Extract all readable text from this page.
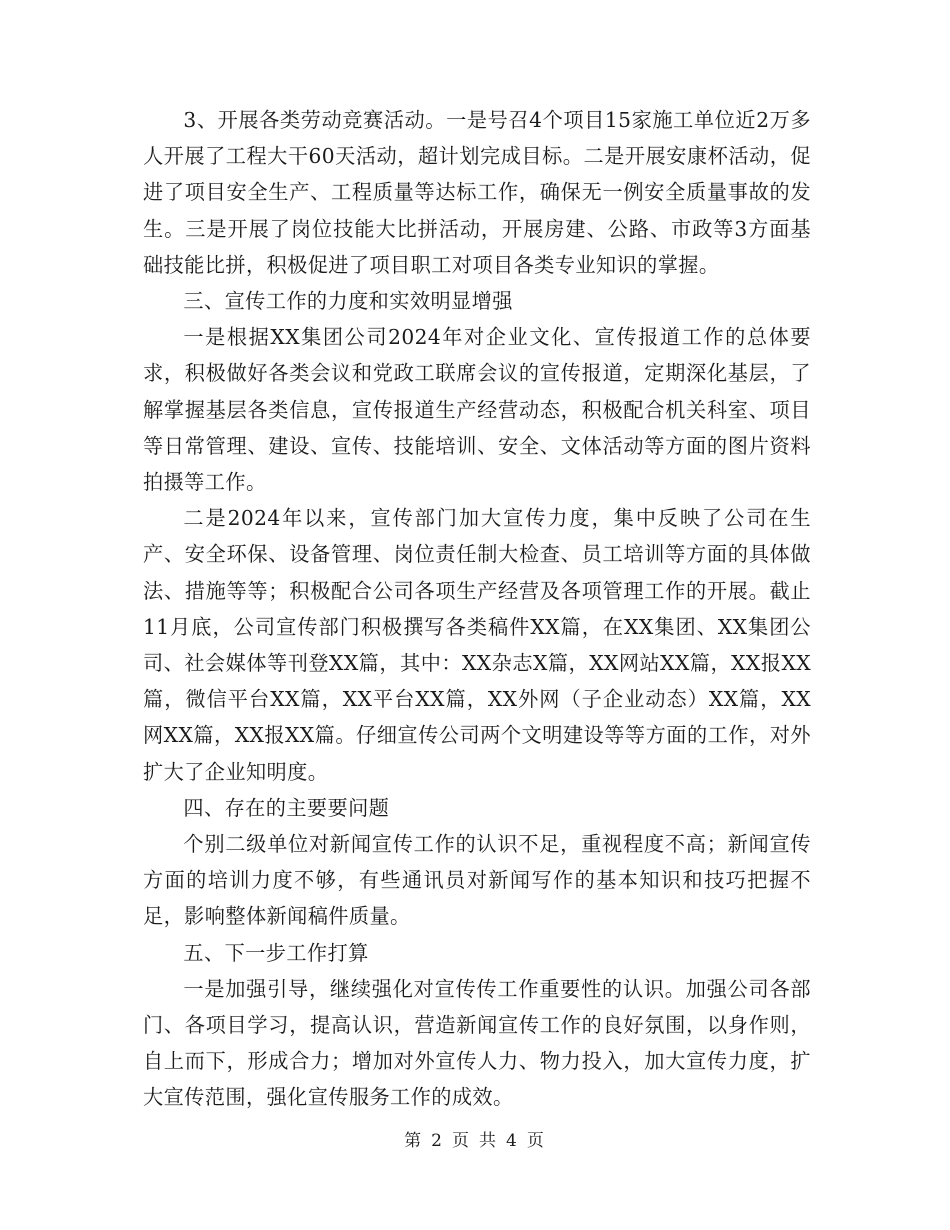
3、开展各类劳动竞赛活动。一是号召4个项目15家施工单位近2万多人开展了工程大干60天活动，超计划完成目标。二是开展安康杯活动，促进了项目安全生产、工程质量等达标工作，确保无一例安全质量事故的发生。三是开展了岗位技能大比拼活动，开展房建、公路、市政等3方面基础技能比拼，积极促进了项目职工对项目各类专业知识的掌握。

三、宣传工作的力度和实效明显增强

一是根据XX集团公司2024年对企业文化、宣传报道工作的总体要求，积极做好各类会议和党政工联席会议的宣传报道，定期深化基层，了解掌握基层各类信息，宣传报道生产经营动态，积极配合机关科室、项目等日常管理、建设、宣传、技能培训、安全、文体活动等方面的图片资料拍摄等工作。

二是2024年以来，宣传部门加大宣传力度，集中反映了公司在生产、安全环保、设备管理、岗位责任制大检查、员工培训等方面的具体做法、措施等等；积极配合公司各项生产经营及各项管理工作的开展。截止11月底，公司宣传部门积极撰写各类稿件XX篇，在XX集团、XX集团公司、社会媒体等刊登XX篇，其中：XX杂志X篇，XX网站XX篇，XX报XX篇，微信平台XX篇，XX平台XX篇，XX外网（子企业动态）XX篇，XX网XX篇，XX报XX篇。仔细宣传公司两个文明建设等等方面的工作，对外扩大了企业知明度。

四、存在的主要要问题

个别二级单位对新闻宣传工作的认识不足，重视程度不高；新闻宣传方面的培训力度不够，有些通讯员对新闻写作的基本知识和技巧把握不足，影响整体新闻稿件质量。

五、下一步工作打算

一是加强引导，继续强化对宣传传工作重要性的认识。加强公司各部门、各项目学习，提高认识，营造新闻宣传工作的良好氛围，以身作则，自上而下，形成合力；增加对外宣传人力、物力投入，加大宣传力度，扩大宣传范围，强化宣传服务工作的成效。

第 2 页 共 4 页
